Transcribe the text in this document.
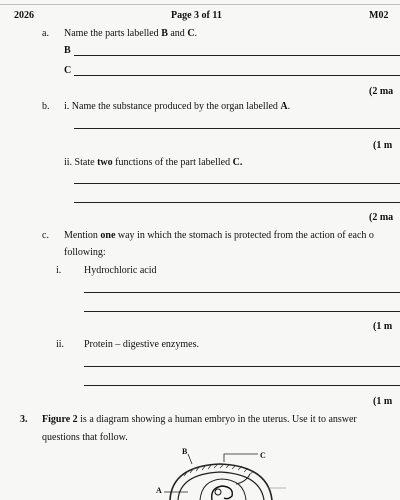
2026	Page 3 of 11	M02
a. Name the parts labelled B and C.
B
C
(2 ma
b. i. Name the substance produced by the organ labelled A.
(1 m
ii. State two functions of the part labelled C.
(2 ma
c. Mention one way in which the stomach is protected from the action of each o
following:
i. Hydrochloric acid
(1 m
ii. Protein – digestive enzymes.
(1 m
3. Figure 2 is a diagram showing a human embryo in the uterus. Use it to answer
questions that follow.
B	C
A
